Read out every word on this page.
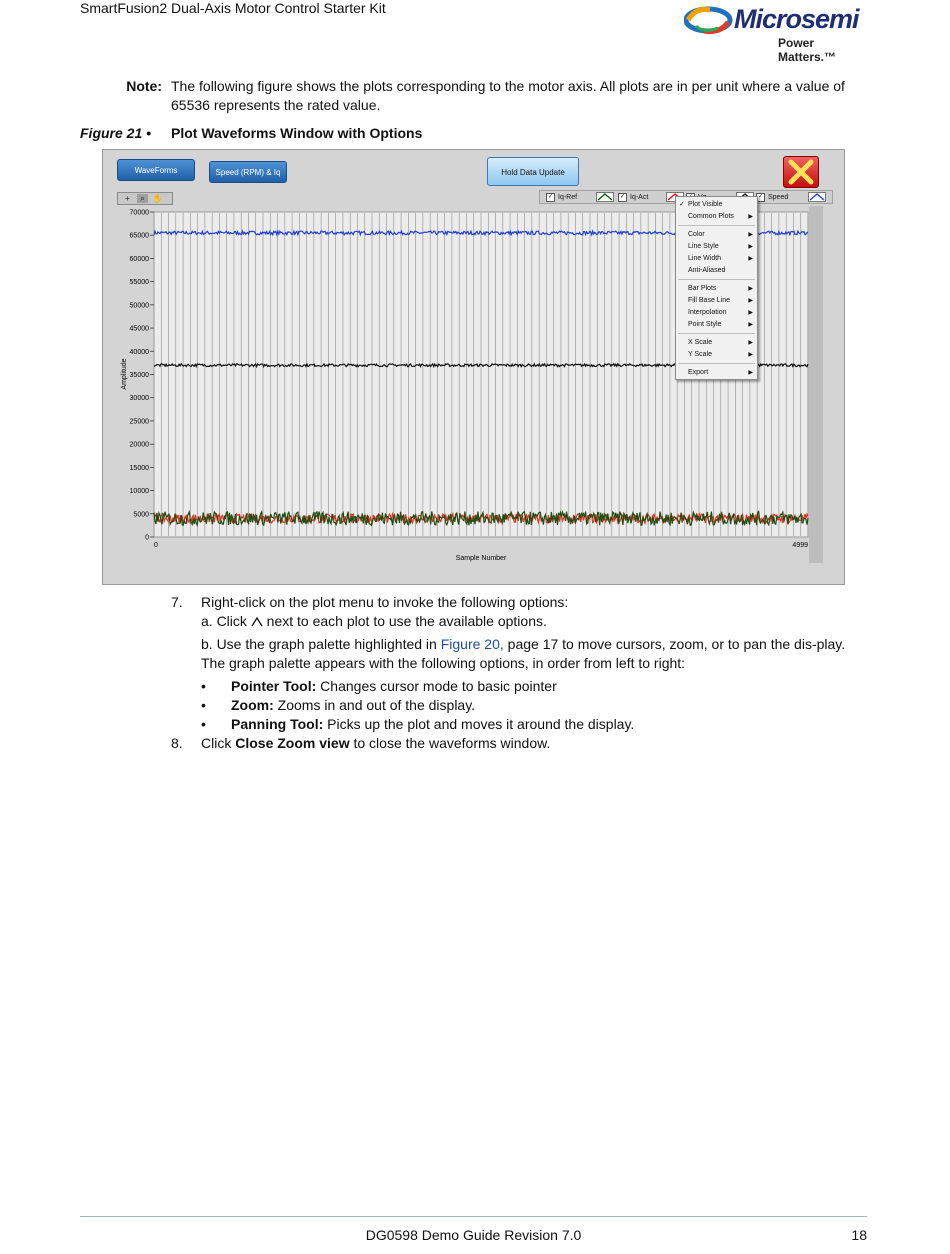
SmartFusion2 Dual-Axis Motor Control Starter Kit	Microsemi
Power Matters.™
Note: The following figure shows the plots corresponding to the motor axis. All plots are in per unit where a value of 65536 represents the rated value.
Figure 21 • Plot Waveforms Window with Options
WaveForms	Speed (RPM) & Iq	Hold Data Update
✓ Iq-Ref	✓ Iq-Act	✓ Speed
+	⌕ ✋
0
5000
10000
15000
20000
25000
30000
35000
40000
45000
50000
55000
60000
65000
70000
0	4999
Sample Number
Amplitude
Plot Visible
✓
Common Plots ▶
Color	▶
Line Style	▶
Line Width	▶
Anti-Aliased
Bar Plots	▶
Fill Base Line	▶
Interpolation	▶
Point Style	▶
X Scale	▶
Y Scale	▶
Export	▶
7. Right-click on the plot menu to invoke the following options:
a. Click  next to each plot to use the available options.
b. Use the graph palette highlighted in Figure 20, page 17 to move cursors, zoom, or to pan the dis-play. The graph palette appears with the following options, in order from left to right:
• Pointer Tool: Changes cursor mode to basic pointer
• Zoom: Zooms in and out of the display.
• Panning Tool: Picks up the plot and moves it around the display.
8. Click Close Zoom view to close the waveforms window.
DG0598 Demo Guide Revision 7.0	18
